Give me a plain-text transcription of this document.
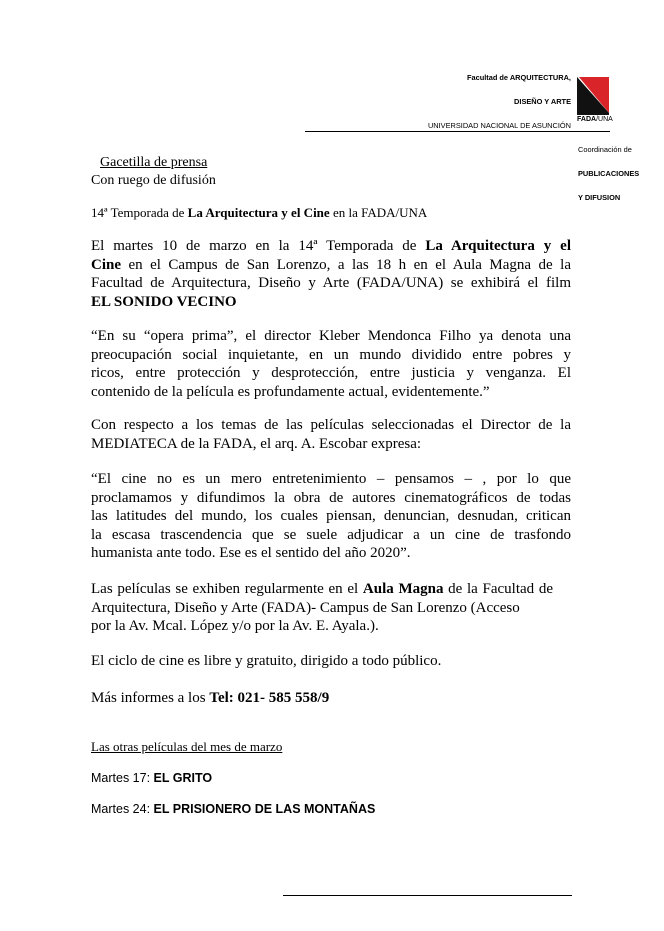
Facultad de ARQUITECTURA,
DISEÑO Y ARTE
UNIVERSIDAD NACIONAL DE ASUNCIÓN
FADA/UNA
Coordinación de
PUBLICACIONES
Y DIFUSION
Gacetilla de prensa
Con ruego de difusión
14ª Temporada de La Arquitectura y el Cine en la FADA/UNA
El martes 10 de marzo en la 14ª Temporada de La Arquitectura y el
Cine en el Campus de San Lorenzo, a las 18 h en el Aula Magna de la
Facultad de Arquitectura, Diseño y Arte (FADA/UNA) se exhibirá el film
EL SONIDO VECINO
“En su “opera prima”, el director Kleber Mendonca Filho ya denota una
preocupación social inquietante, en un mundo dividido entre pobres y
ricos, entre protección y desprotección, entre justicia y venganza. El
contenido de la película es profundamente actual, evidentemente.”
Con respecto a los temas de las películas seleccionadas el Director de la
MEDIATECA de la FADA, el arq. A. Escobar expresa:
“El cine no es un mero entretenimiento – pensamos – , por lo que
proclamamos y difundimos la obra de autores cinematográficos de todas
las latitudes del mundo, los cuales piensan, denuncian, desnudan, critican
la escasa trascendencia que se suele adjudicar a un cine de trasfondo
humanista ante todo. Ese es el sentido del año 2020”.
Las películas se exhiben regularmente en el Aula Magna de la Facultad de
Arquitectura, Diseño y Arte (FADA)- Campus de San Lorenzo (Acceso
por la Av. Mcal. López y/o por la Av. E. Ayala.).
El ciclo de cine es libre y gratuito, dirigido a todo público.
Más informes a los Tel: 021- 585 558/9
Las otras películas del mes de marzo
Martes 17: EL GRITO
Martes 24: EL PRISIONERO DE LAS MONTAÑAS
